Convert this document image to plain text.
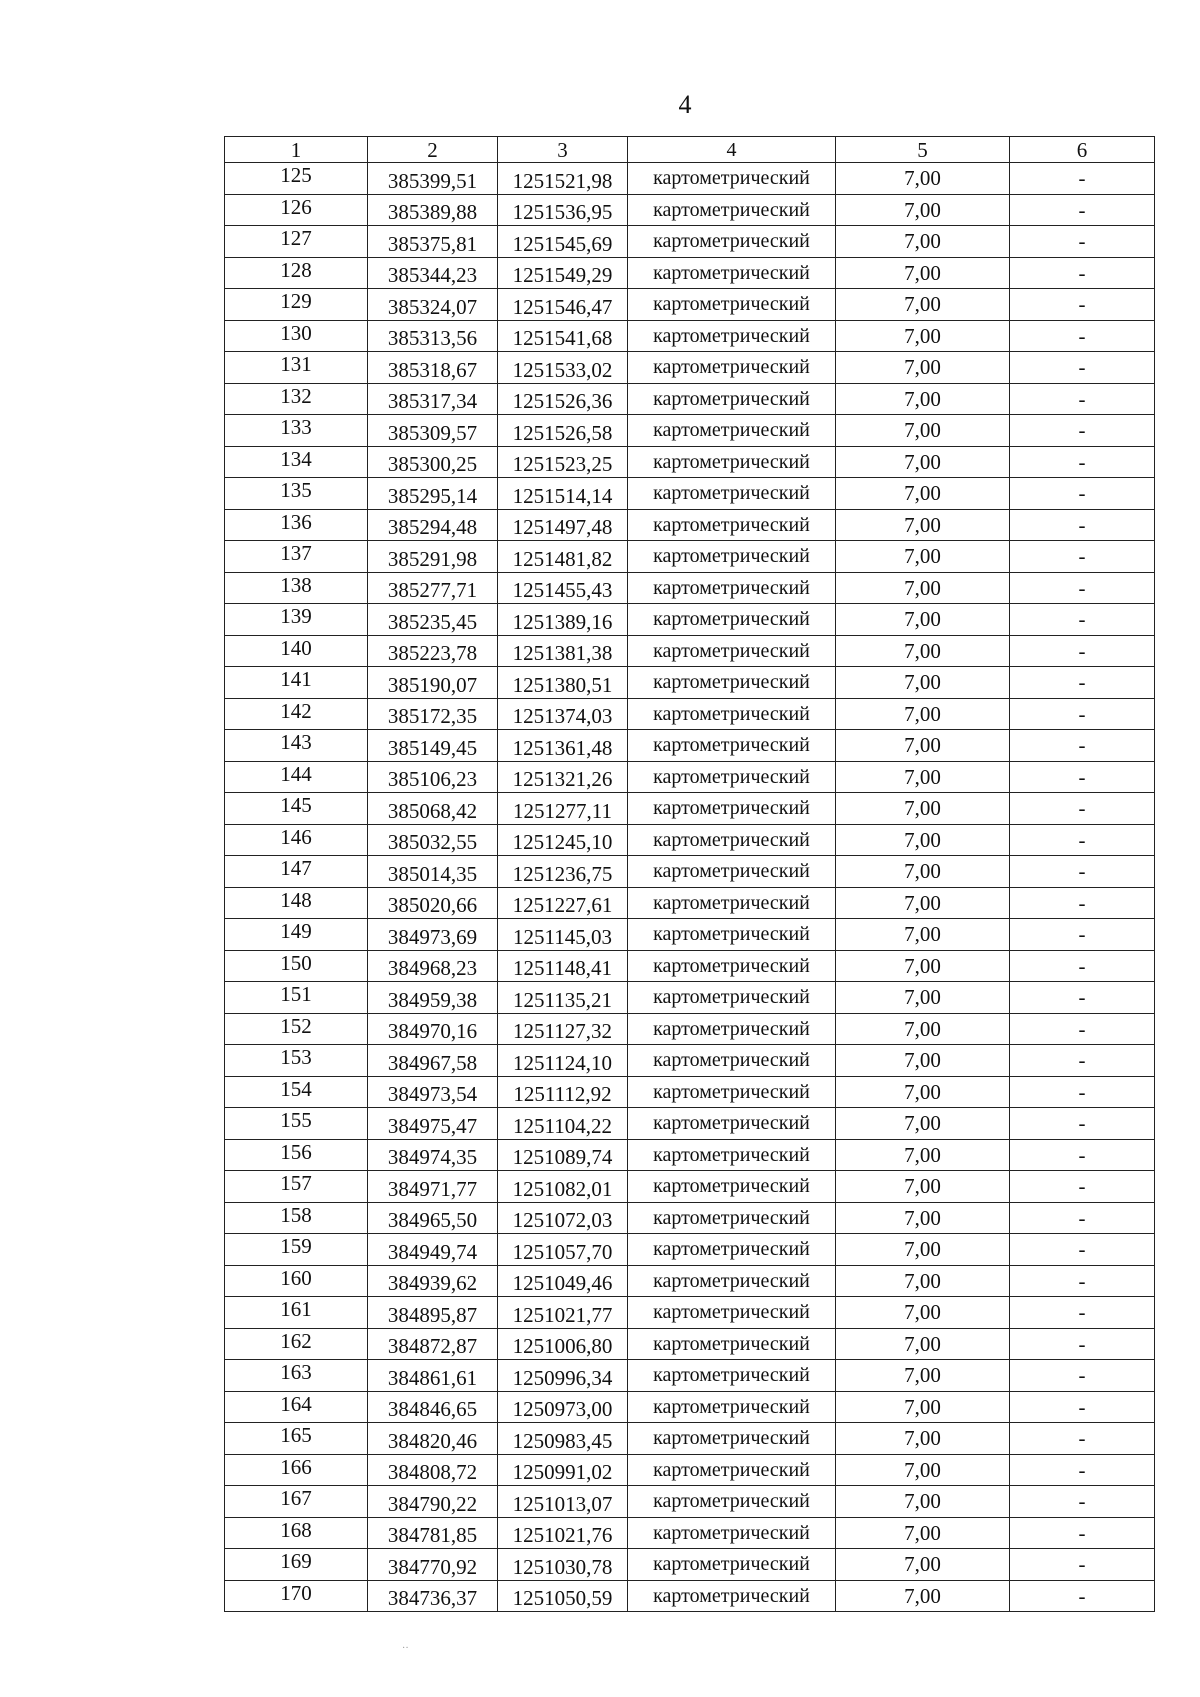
4
1	2	3	4	5	6
125	385399,51	1251521,98	картометрический	7,00	-
126	385389,88	1251536,95	картометрический	7,00	-
127	385375,81	1251545,69	картометрический	7,00	-
128	385344,23	1251549,29	картометрический	7,00	-
129	385324,07	1251546,47	картометрический	7,00	-
130	385313,56	1251541,68	картометрический	7,00	-
131	385318,67	1251533,02	картометрический	7,00	-
132	385317,34	1251526,36	картометрический	7,00	-
133	385309,57	1251526,58	картометрический	7,00	-
134	385300,25	1251523,25	картометрический	7,00	-
135	385295,14	1251514,14	картометрический	7,00	-
136	385294,48	1251497,48	картометрический	7,00	-
137	385291,98	1251481,82	картометрический	7,00	-
138	385277,71	1251455,43	картометрический	7,00	-
139	385235,45	1251389,16	картометрический	7,00	-
140	385223,78	1251381,38	картометрический	7,00	-
141	385190,07	1251380,51	картометрический	7,00	-
142	385172,35	1251374,03	картометрический	7,00	-
143	385149,45	1251361,48	картометрический	7,00	-
144	385106,23	1251321,26	картометрический	7,00	-
145	385068,42	1251277,11	картометрический	7,00	-
146	385032,55	1251245,10	картометрический	7,00	-
147	385014,35	1251236,75	картометрический	7,00	-
148	385020,66	1251227,61	картометрический	7,00	-
149	384973,69	1251145,03	картометрический	7,00	-
150	384968,23	1251148,41	картометрический	7,00	-
151	384959,38	1251135,21	картометрический	7,00	-
152	384970,16	1251127,32	картометрический	7,00	-
153	384967,58	1251124,10	картометрический	7,00	-
154	384973,54	1251112,92	картометрический	7,00	-
155	384975,47	1251104,22	картометрический	7,00	-
156	384974,35	1251089,74	картометрический	7,00	-
157	384971,77	1251082,01	картометрический	7,00	-
158	384965,50	1251072,03	картометрический	7,00	-
159	384949,74	1251057,70	картометрический	7,00	-
160	384939,62	1251049,46	картометрический	7,00	-
161	384895,87	1251021,77	картометрический	7,00	-
162	384872,87	1251006,80	картометрический	7,00	-
163	384861,61	1250996,34	картометрический	7,00	-
164	384846,65	1250973,00	картометрический	7,00	-
165	384820,46	1250983,45	картометрический	7,00	-
166	384808,72	1250991,02	картометрический	7,00	-
167	384790,22	1251013,07	картометрический	7,00	-
168	384781,85	1251021,76	картометрический	7,00	-
169	384770,92	1251030,78	картометрический	7,00	-
170	384736,37	1251050,59	картометрический	7,00	-
··
